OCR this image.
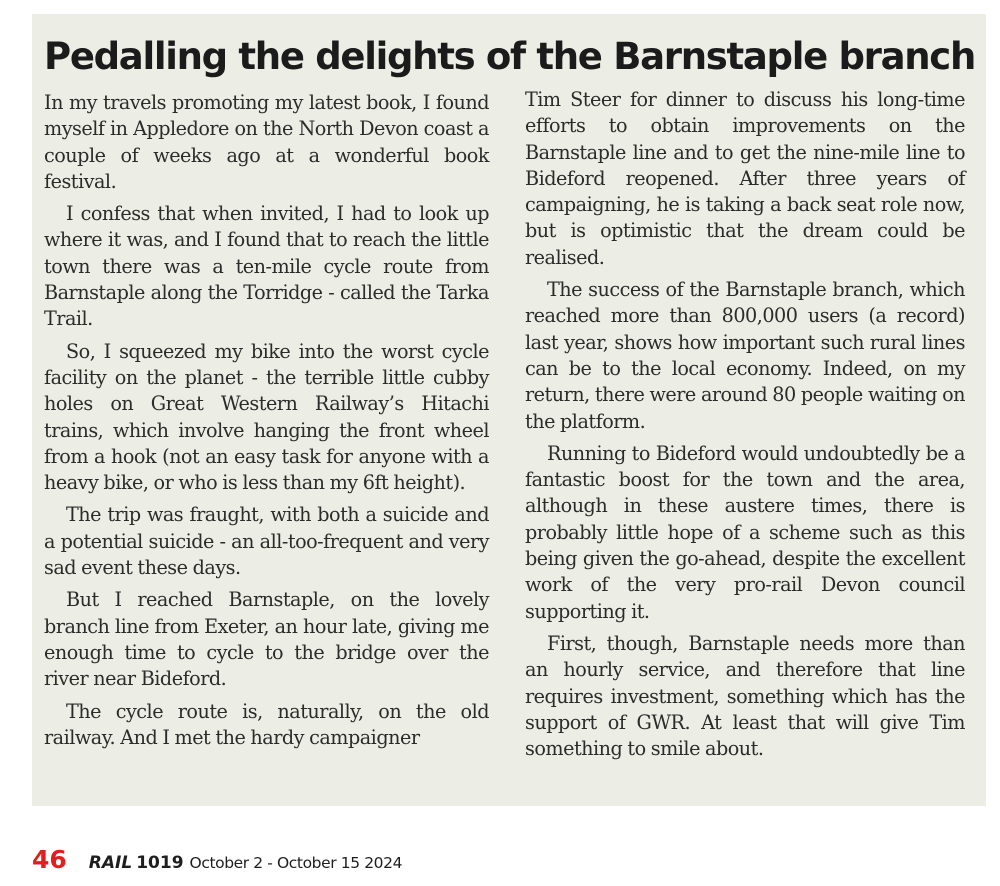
Pedalling the delights of the Barnstaple branch

In my travels promoting my latest book, I found myself in Appledore on the North Devon coast a couple of weeks ago at a wonderful book festival.

I confess that when invited, I had to look up where it was, and I found that to reach the little town there was a ten-mile cycle route from Barnstaple along the Torridge - called the Tarka Trail.

So, I squeezed my bike into the worst cycle facility on the planet - the terrible little cubby holes on Great Western Railway’s Hitachi trains, which involve hanging the front wheel from a hook (not an easy task for anyone with a heavy bike, or who is less than my 6ft height).

The trip was fraught, with both a suicide and a potential suicide - an all-too-frequent and very sad event these days.

But I reached Barnstaple, on the lovely branch line from Exeter, an hour late, giving me enough time to cycle to the bridge over the river near Bideford.

The cycle route is, naturally, on the old railway. And I met the hardy campaigner

Tim Steer for dinner to discuss his long-time efforts to obtain improvements on the Barnstaple line and to get the nine-mile line to Bideford reopened. After three years of campaigning, he is taking a back seat role now, but is optimistic that the dream could be realised.

The success of the Barnstaple branch, which reached more than 800,000 users (a record) last year, shows how important such rural lines can be to the local economy. Indeed, on my return, there were around 80 people waiting on the platform.

Running to Bideford would undoubtedly be a fantastic boost for the town and the area, although in these austere times, there is probably little hope of a scheme such as this being given the go-ahead, despite the excellent work of the very pro-rail Devon council supporting it.

First, though, Barnstaple needs more than an hourly service, and therefore that line requires investment, something which has the support of GWR. At least that will give Tim something to smile about.

46 RAIL 1019 October 2 - October 15 2024
